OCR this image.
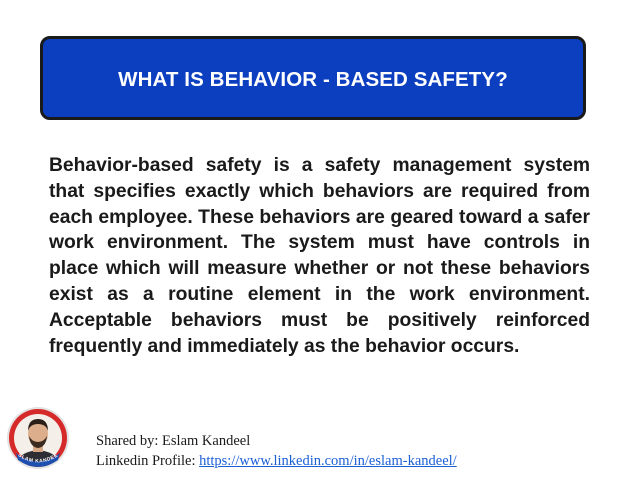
WHAT IS BEHAVIOR - BASED SAFETY?

Behavior-based safety is a safety management system that specifies exactly which behaviors are required from each employee. These behaviors are geared toward a safer work environment. The system must have controls in place which will measure whether or not these behaviors exist as a routine element in the work environment. Acceptable behaviors must be positively reinforced frequently and immediately as the behavior occurs.

SLAM KANDEE
Shared by: Eslam Kandeel
Linkedin Profile: https://www.linkedin.com/in/eslam-kandeel/
